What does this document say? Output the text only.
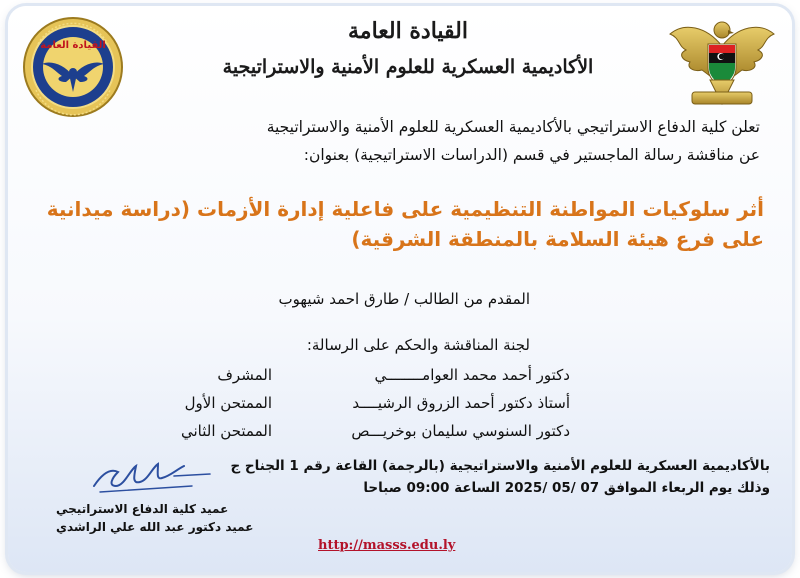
القيادة العامة
القيادة العامة
الأكاديمية العسكرية للعلوم الأمنية والاستراتيجية
تعلن كلية الدفاع الاستراتيجي بالأكاديمية العسكرية للعلوم الأمنية والاستراتيجية
عن مناقشة رسالة الماجستير في قسم (الدراسات الاستراتيجية) بعنوان:
أثر سلوكيات المواطنة التنظيمية على فاعلية إدارة الأزمات (دراسة ميدانية على فرع هيئة السلامة بالمنطقة الشرقية)
المقدم من الطالب / طارق احمد شيهوب
لجنة المناقشة والحكم على الرسالة:
دكتور أحمد محمد العوامــــــــي
المشرف
أستاذ دكتور أحمد الزروق الرشيــــد
الممتحن الأول
دكتور السنوسي سليمان بوخريـــص
الممتحن الثاني
بالأكاديمية العسكرية للعلوم الأمنية والاستراتيجية (بالرجمة) القاعة رقم 1 الجناح ج
وذلك يوم الربعاء الموافق 07 /05 /2025 الساعة 09:00 صباحا
عميد كلية الدفاع الاستراتيجي
عميد دكتور عبد الله علي الراشدي
http://masss.edu.ly
